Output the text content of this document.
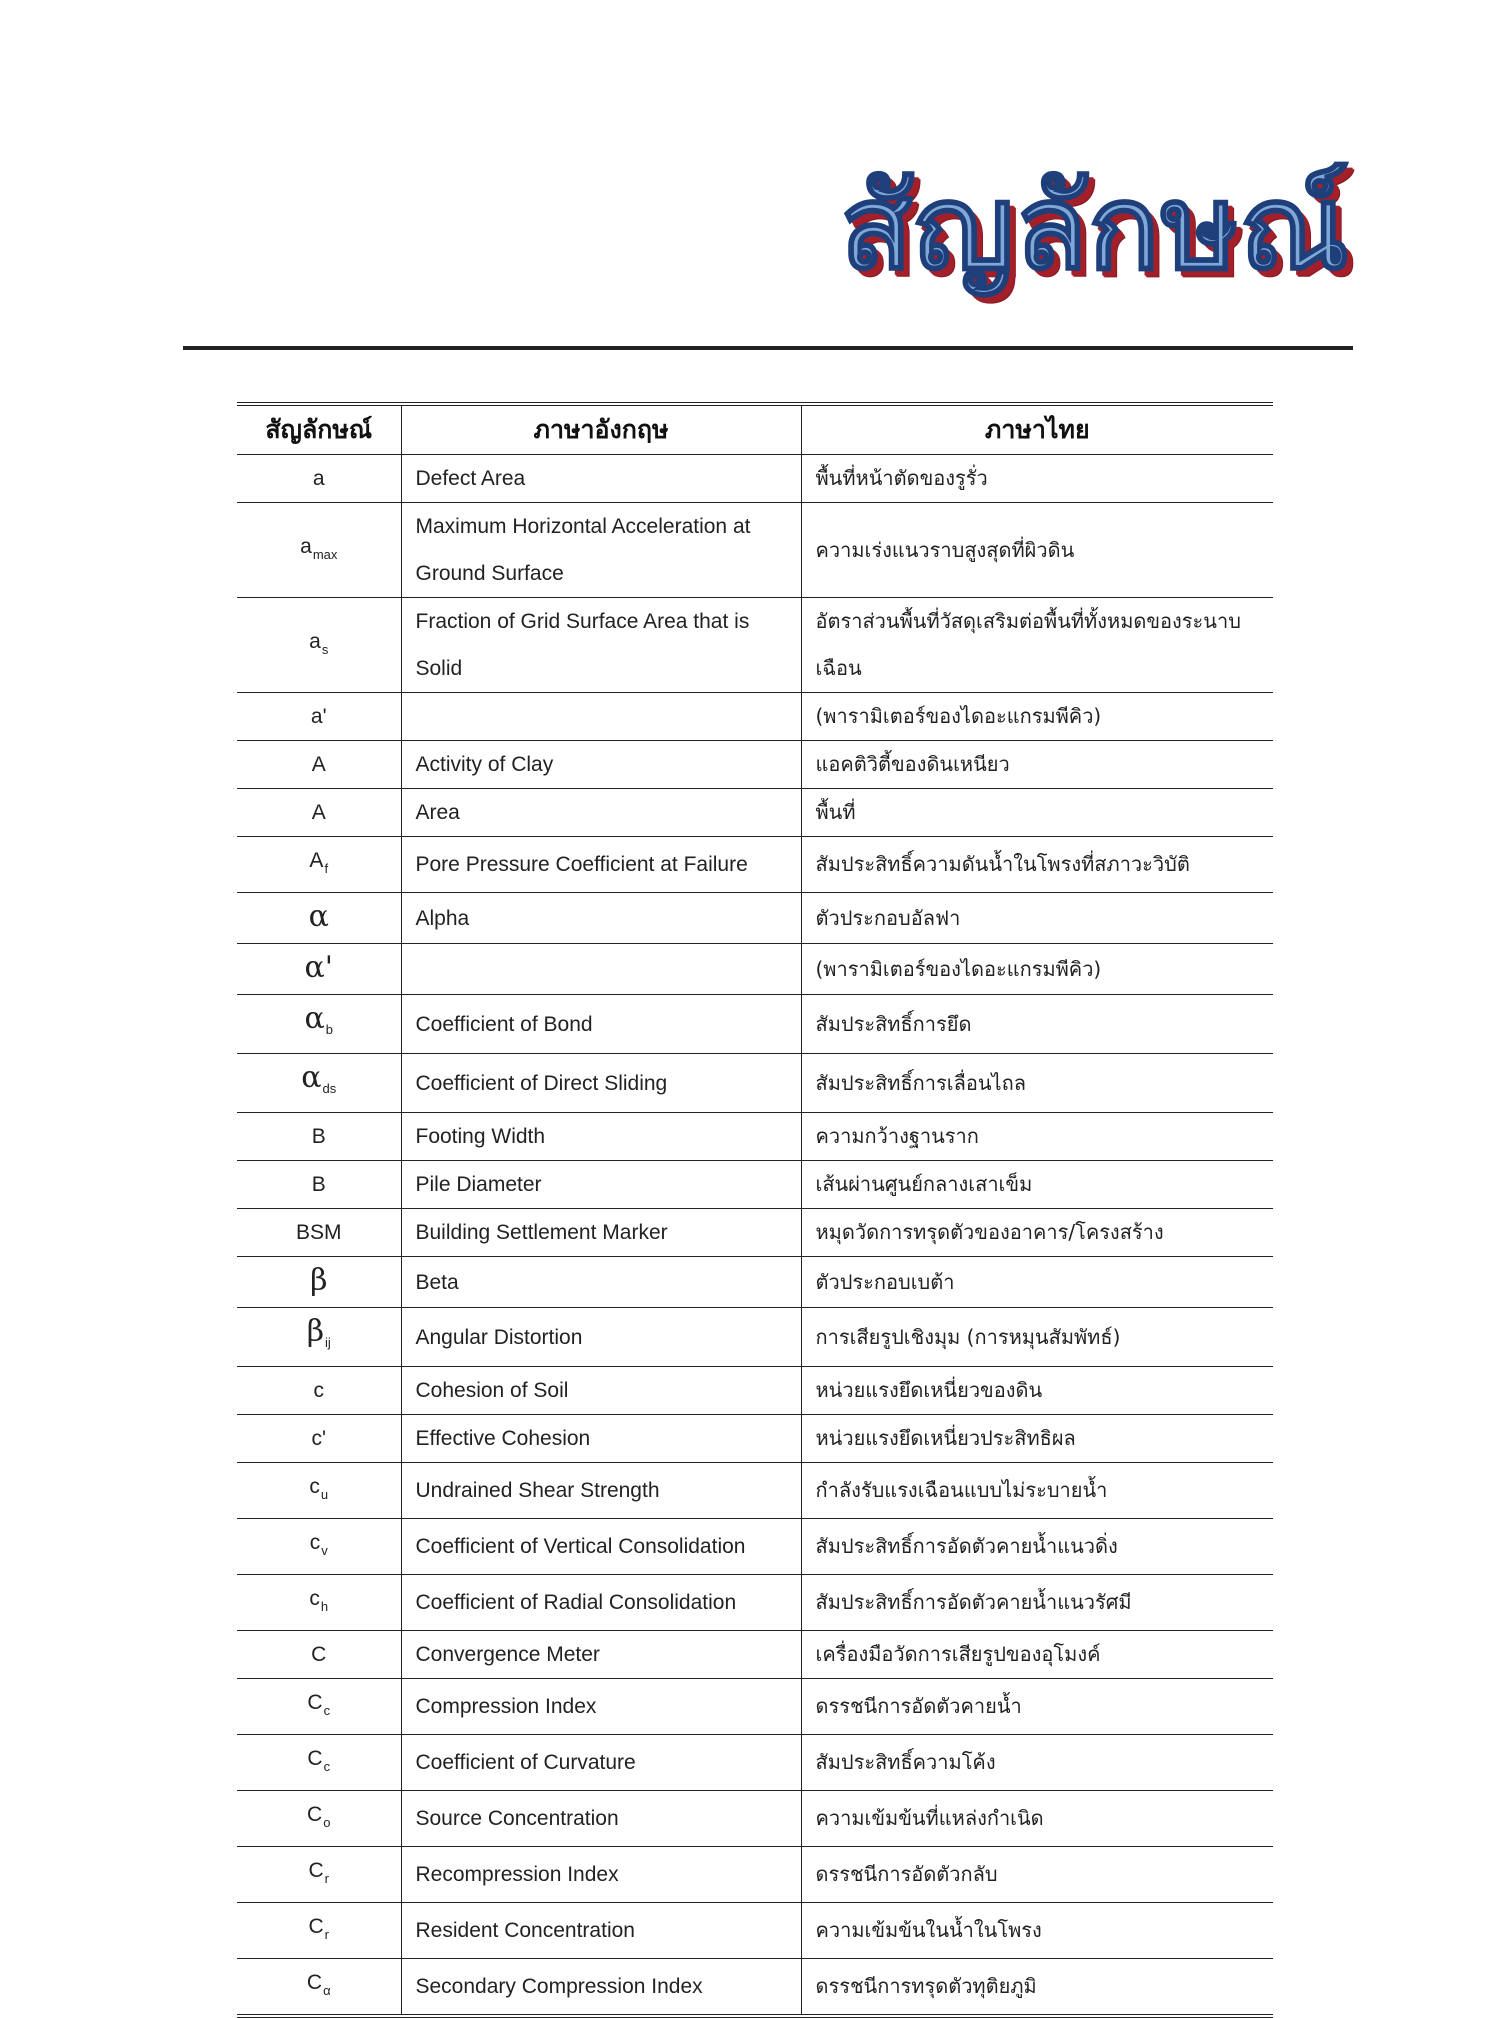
สัญลักษณ์
สัญลักษณ์	ภาษาอังกฤษ	ภาษาไทย
a	Defect Area	พื้นที่หน้าตัดของรูรั่ว
$a_{max}$	Maximum Horizontal Acceleration at Ground Surface	ความเร่งแนวราบสูงสุดที่ผิวดิน
$a_s$	Fraction of Grid Surface Area that is Solid	อัตราส่วนพื้นที่วัสดุเสริมต่อพื้นที่ทั้งหมดของระนาบเฉือน
a'		(พารามิเตอร์ของไดอะแกรมพีคิว)
A	Activity of Clay	แอคติวิตี้ของดินเหนียว
A	Area	พื้นที่
$A_f$	Pore Pressure Coefficient at Failure	สัมประสิทธิ์ความดันน้ำในโพรงที่สภาวะวิบัติ
α	Alpha	ตัวประกอบอัลฟา
α'		(พารามิเตอร์ของไดอะแกรมพีคิว)
$\alpha_b$	Coefficient of Bond	สัมประสิทธิ์การยึด
$\alpha_{ds}$	Coefficient of Direct Sliding	สัมประสิทธิ์การเลื่อนไถล
B	Footing Width	ความกว้างฐานราก
B	Pile Diameter	เส้นผ่านศูนย์กลางเสาเข็ม
BSM	Building Settlement Marker	หมุดวัดการทรุดตัวของอาคาร/โครงสร้าง
β	Beta	ตัวประกอบเบต้า
$\beta_{ij}$	Angular Distortion	การเสียรูปเชิงมุม (การหมุนสัมพัทธ์)
c	Cohesion of Soil	หน่วยแรงยึดเหนี่ยวของดิน
c'	Effective Cohesion	หน่วยแรงยึดเหนี่ยวประสิทธิผล
$c_u$	Undrained Shear Strength	กำลังรับแรงเฉือนแบบไม่ระบายน้ำ
$c_v$	Coefficient of Vertical Consolidation	สัมประสิทธิ์การอัดตัวคายน้ำแนวดิ่ง
$c_h$	Coefficient of Radial Consolidation	สัมประสิทธิ์การอัดตัวคายน้ำแนวรัศมี
C	Convergence Meter	เครื่องมือวัดการเสียรูปของอุโมงค์
$C_c$	Compression Index	ดรรชนีการอัดตัวคายน้ำ
$C_c$	Coefficient of Curvature	สัมประสิทธิ์ความโค้ง
$C_o$	Source Concentration	ความเข้มข้นที่แหล่งกำเนิด
$C_r$	Recompression Index	ดรรชนีการอัดตัวกลับ
$C_r$	Resident Concentration	ความเข้มข้นในน้ำในโพรง
$C_\alpha$	Secondary Compression Index	ดรรชนีการทรุดตัวทุติยภูมิ
